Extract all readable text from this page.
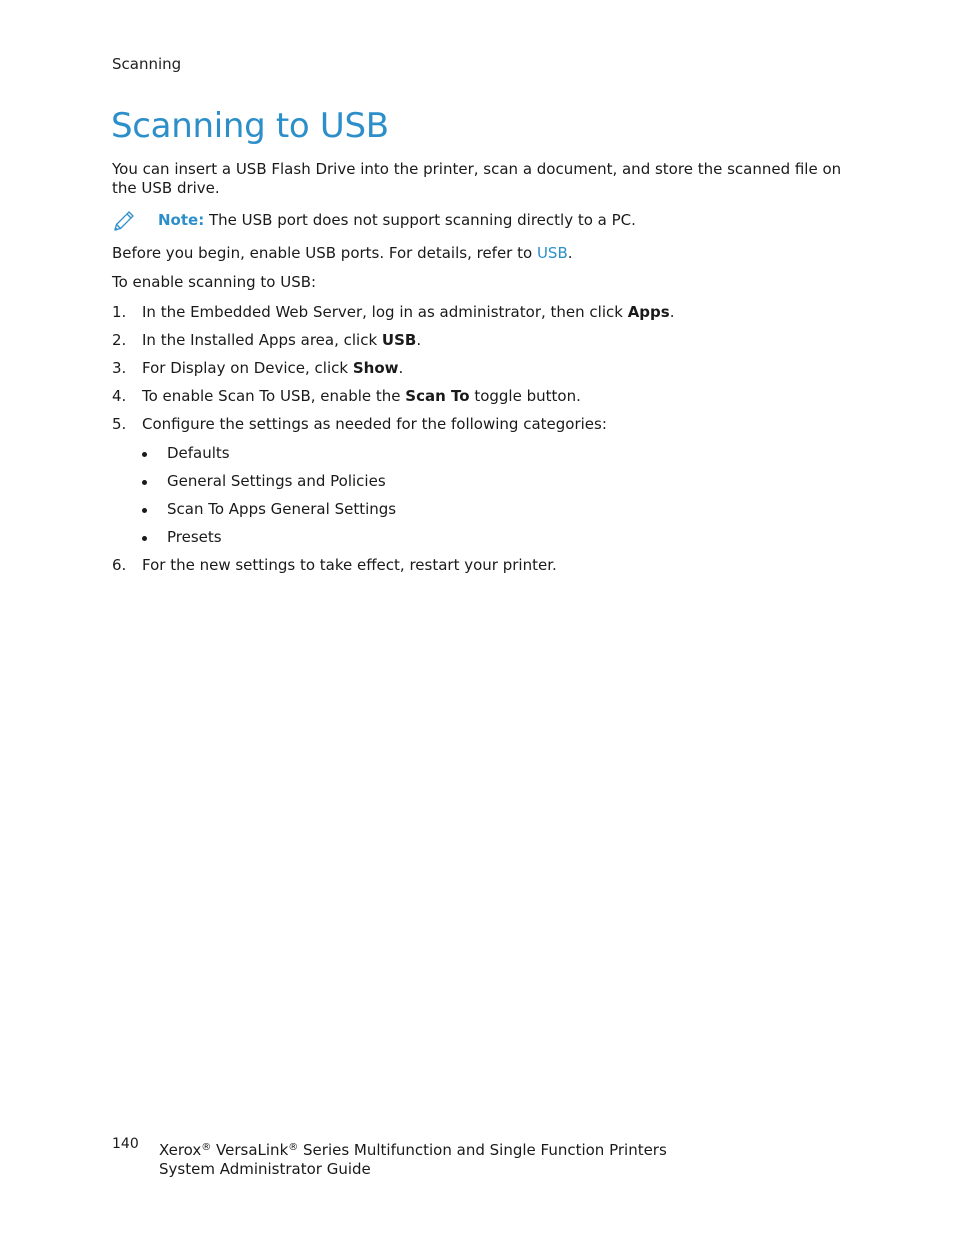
Scanning
Scanning to USB

You can insert a USB Flash Drive into the printer, scan a document, and store the scanned file on the USB drive.

Note: The USB port does not support scanning directly to a PC.

Before you begin, enable USB ports. For details, refer to USB.

To enable scanning to USB:

1. In the Embedded Web Server, log in as administrator, then click Apps.
2. In the Installed Apps area, click USB.
3. For Display on Device, click Show.
4. To enable Scan To USB, enable the Scan To toggle button.
5. Configure the settings as needed for the following categories:
Defaults
General Settings and Policies
Scan To Apps General Settings
Presets
6. For the new settings to take effect, restart your printer.
140 Xerox® VersaLink® Series Multifunction and Single Function Printers
System Administrator Guide
